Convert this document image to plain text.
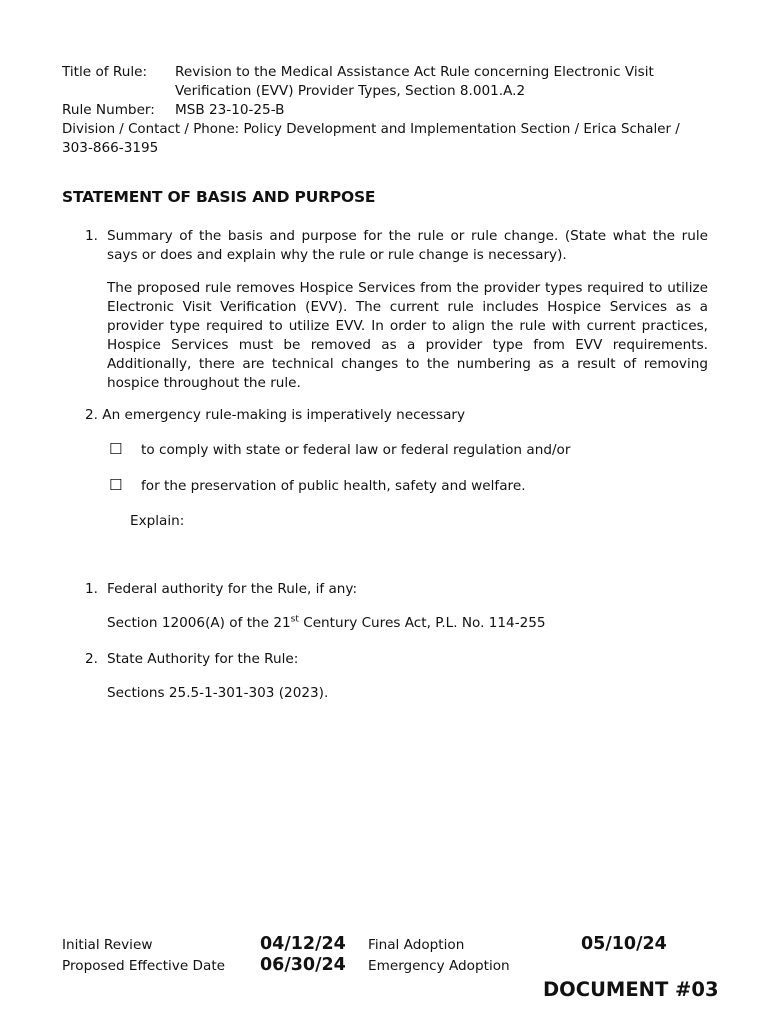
Title of Rule: Revision to the Medical Assistance Act Rule concerning Electronic Visit
Verification (EVV) Provider Types, Section 8.001.A.2
Rule Number: MSB 23-10-25-B
Division / Contact / Phone: Policy Development and Implementation Section / Erica Schaler /
303-866-3195
STATEMENT OF BASIS AND PURPOSE
1. Summary of the basis and purpose for the rule or rule change. (State what the rule says or does and explain why the rule or rule change is necessary).
The proposed rule removes Hospice Services from the provider types required to utilize Electronic Visit Verification (EVV). The current rule includes Hospice Services as a provider type required to utilize EVV. In order to align the rule with current practices, Hospice Services must be removed as a provider type from EVV requirements. Additionally, there are technical changes to the numbering as a result of removing hospice throughout the rule.
2. An emergency rule-making is imperatively necessary
☐ to comply with state or federal law or federal regulation and/or
☐ for the preservation of public health, safety and welfare.
Explain:
1. Federal authority for the Rule, if any:
Section 12006(A) of the 21st Century Cures Act, P.L. No. 114-255
2. State Authority for the Rule:
Sections 25.5-1-301-303 (2023).
Initial Review	04/12/24 Final Adoption	05/10/24
Proposed Effective Date 06/30/24 Emergency Adoption
DOCUMENT #03
